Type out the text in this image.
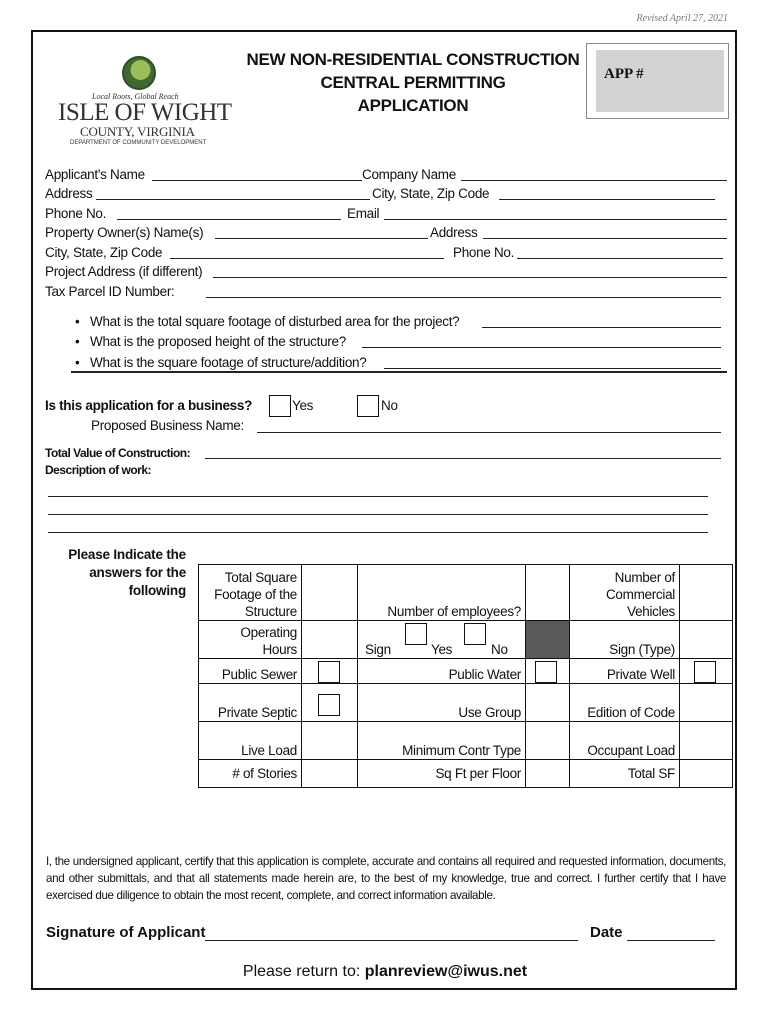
Revised April 27, 2021
Local Roots, Global Reach
ISLE OF WIGHT
COUNTY, VIRGINIA
DEPARTMENT OF COMMUNITY DEVELOPMENT
NEW NON-RESIDENTIAL CONSTRUCTION
CENTRAL PERMITTING
APPLICATION
APP #
Applicant's Name	Company Name
Address	City, State, Zip Code
Phone No.	Email
Property Owner(s) Name(s)	Address
City, State, Zip Code	Phone No.
Project Address (if different)
Tax Parcel ID Number:
• What is the total square footage of disturbed area for the project?
• What is the proposed height of the structure?
• What is the square footage of structure/addition?
Is this application for a business?	Yes	No
Proposed Business Name:
Total Value of Construction:
Description of work:
Please Indicate the answers for the following
Total Square Footage of the Structure		Number of employees?		Number of Commercial Vehicles	
Operating Hours		Sign Yes No		Sign (Type)	
Public Sewer		Public Water		Private Well	

Private Septic		Use Group		Edition of Code	
Live Load		Minimum Contr Type		Occupant Load	
# of Stories		Sq Ft per Floor		Total SF	
I, the undersigned applicant, certify that this application is complete, accurate and contains all required and requested information, documents, and other submittals, and that all statements made herein are, to the best of my knowledge, true and correct. I further certify that I have exercised due diligence to obtain the most recent, complete, and correct information available.
Signature of Applicant	Date
Please return to: planreview@iwus.net
